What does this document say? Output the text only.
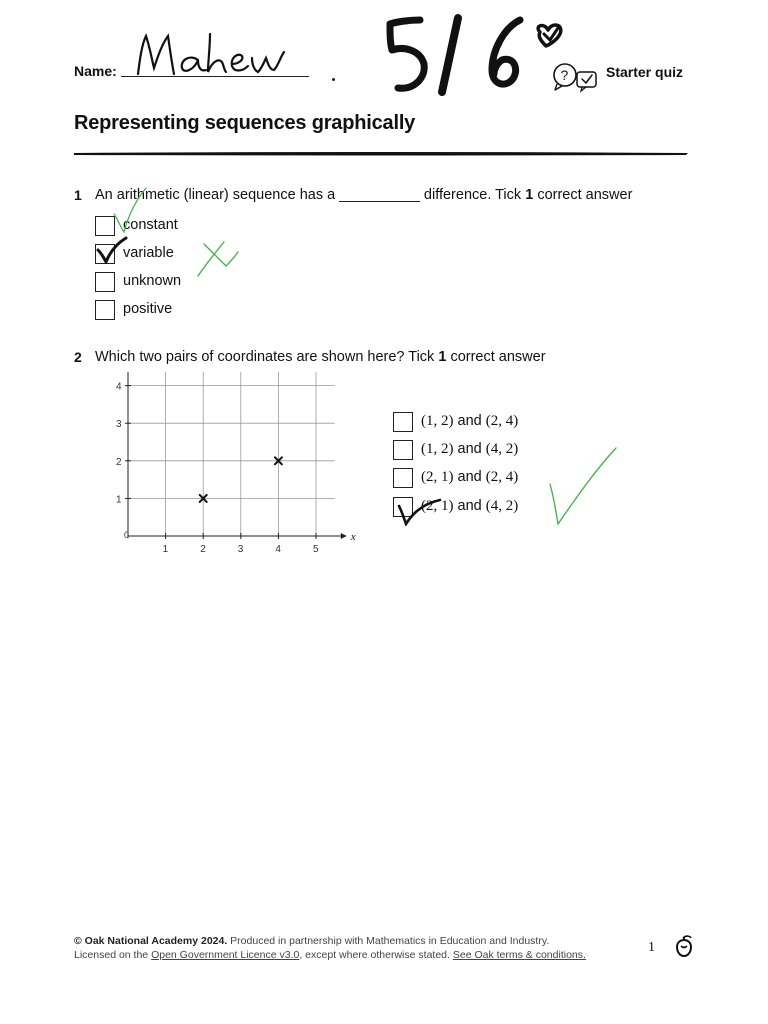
Name:	?	Starter quiz
Representing sequences graphically
1 An arithmetic (linear) sequence has a __________ difference. Tick 1 correct answer
constant
variable
unknown
positive
2 Which two pairs of coordinates are shown here? Tick 1 correct answer
1	2	3	4	5
1
2
3
4
0	x
(1, 2) and (2, 4)
(1, 2) and (4, 2)
(2, 1) and (2, 4)
(2, 1) and (4, 2)
© Oak National Academy 2024. Produced in partnership with Mathematics in Education and Industry.
Licensed on the Open Government Licence v3.0, except where otherwise stated. See Oak terms & conditions.	1
